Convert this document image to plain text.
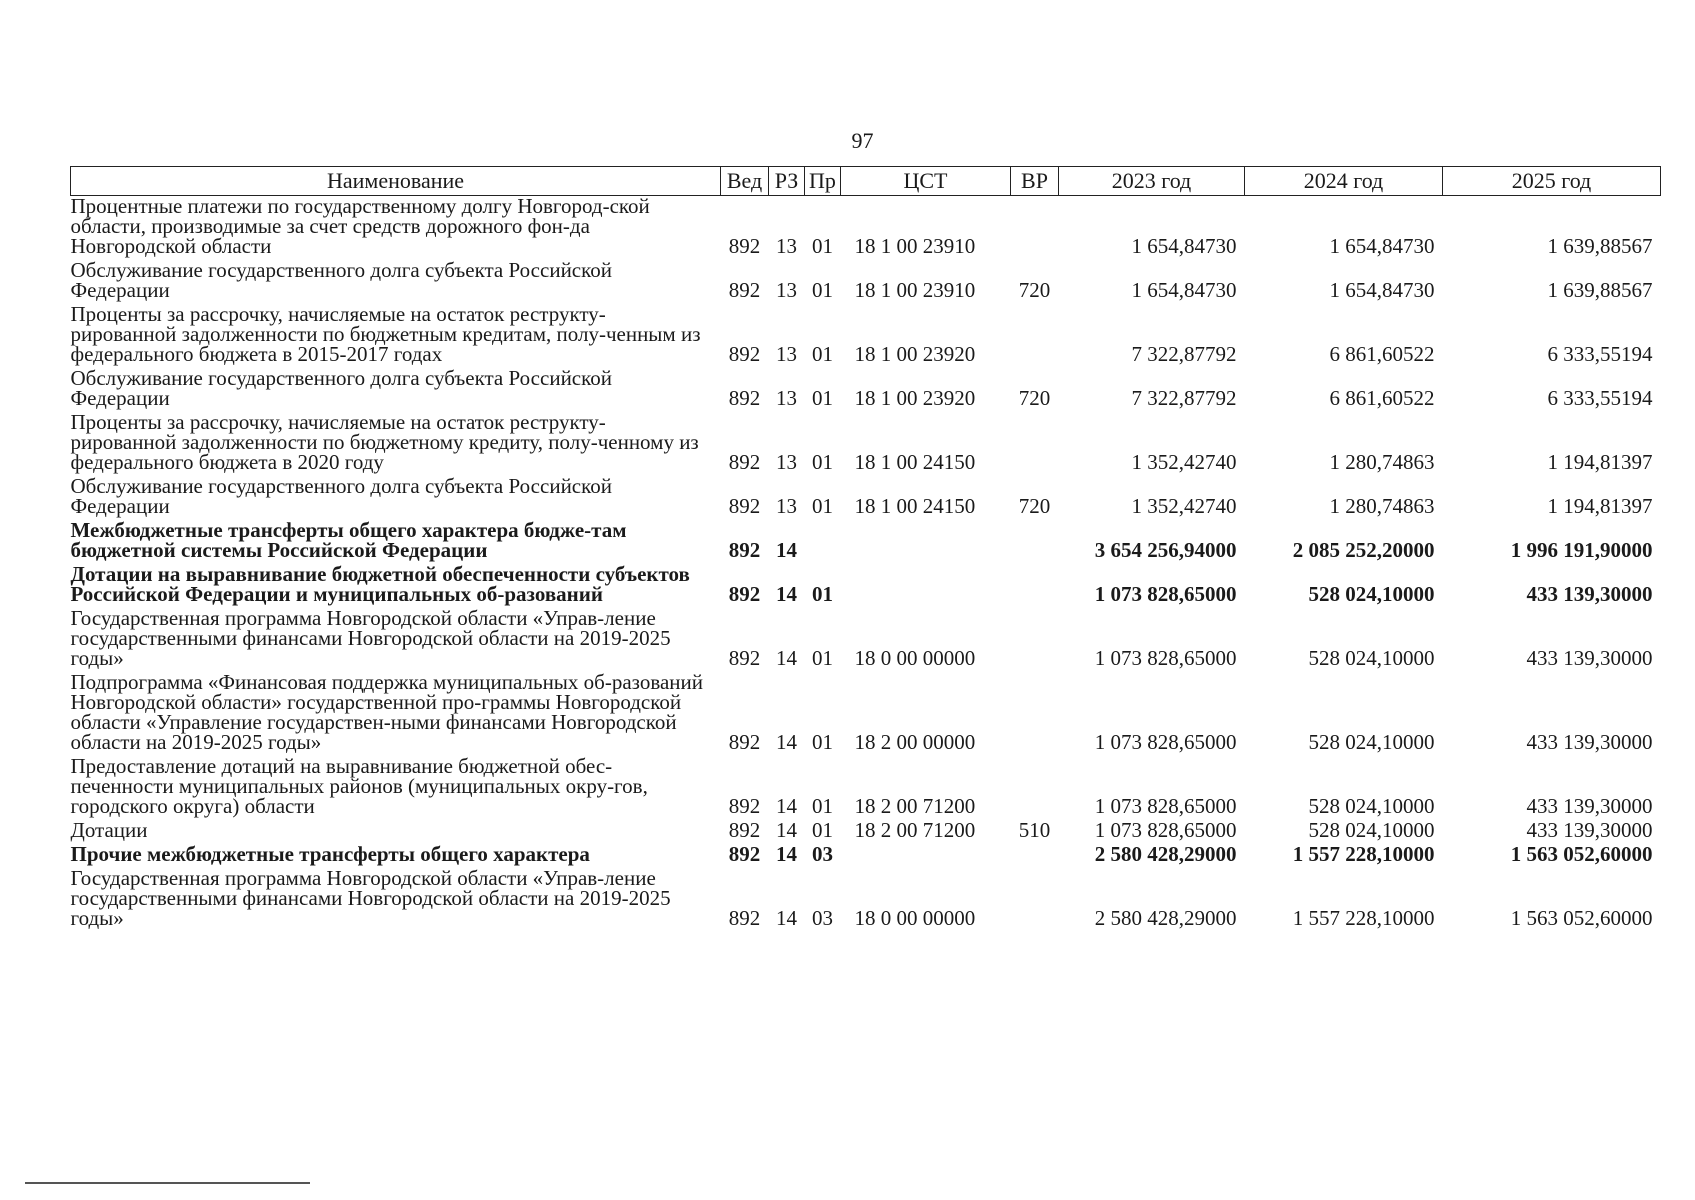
97
Наименование	Вед	РЗ	Пр	ЦСТ	ВР	2023 год	2024 год	2025 год
Процентные платежи по государственному долгу Новгород-ской области, производимые за счет средств дорожного фон-да Новгородской области	892	13	01	18 1 00 23910		1 654,84730	1 654,84730	1 639,88567
Обслуживание государственного долга субъекта Российской Федерации	892	13	01	18 1 00 23910	720	1 654,84730	1 654,84730	1 639,88567
Проценты за рассрочку, начисляемые на остаток реструкту-рированной задолженности по бюджетным кредитам, полу-ченным из федерального бюджета в 2015-2017 годах	892	13	01	18 1 00 23920		7 322,87792	6 861,60522	6 333,55194
Обслуживание государственного долга субъекта Российской Федерации	892	13	01	18 1 00 23920	720	7 322,87792	6 861,60522	6 333,55194
Проценты за рассрочку, начисляемые на остаток реструкту-рированной задолженности по бюджетному кредиту, полу-ченному из федерального бюджета в 2020 году	892	13	01	18 1 00 24150		1 352,42740	1 280,74863	1 194,81397
Обслуживание государственного долга субъекта Российской Федерации	892	13	01	18 1 00 24150	720	1 352,42740	1 280,74863	1 194,81397
Межбюджетные трансферты общего характера бюдже-там бюджетной системы Российской Федерации	892	14				3 654 256,94000	2 085 252,20000	1 996 191,90000
Дотации на выравнивание бюджетной обеспеченности субъектов Российской Федерации и муниципальных об-разований	892	14	01			1 073 828,65000	528 024,10000	433 139,30000
Государственная программа Новгородской области «Управ-ление государственными финансами Новгородской области на 2019-2025 годы»	892	14	01	18 0 00 00000		1 073 828,65000	528 024,10000	433 139,30000
Подпрограмма «Финансовая поддержка муниципальных об-разований Новгородской области» государственной про-граммы Новгородской области «Управление государствен-ными финансами Новгородской области на 2019-2025 годы»	892	14	01	18 2 00 00000		1 073 828,65000	528 024,10000	433 139,30000
Предоставление дотаций на выравнивание бюджетной обес-печенности муниципальных районов (муниципальных окру-гов, городского округа) области	892	14	01	18 2 00 71200		1 073 828,65000	528 024,10000	433 139,30000
Дотации	892	14	01	18 2 00 71200	510	1 073 828,65000	528 024,10000	433 139,30000
Прочие межбюджетные трансферты общего характера	892	14	03			2 580 428,29000	1 557 228,10000	1 563 052,60000
Государственная программа Новгородской области «Управ-ление государственными финансами Новгородской области на 2019-2025 годы»	892	14	03	18 0 00 00000		2 580 428,29000	1 557 228,10000	1 563 052,60000
